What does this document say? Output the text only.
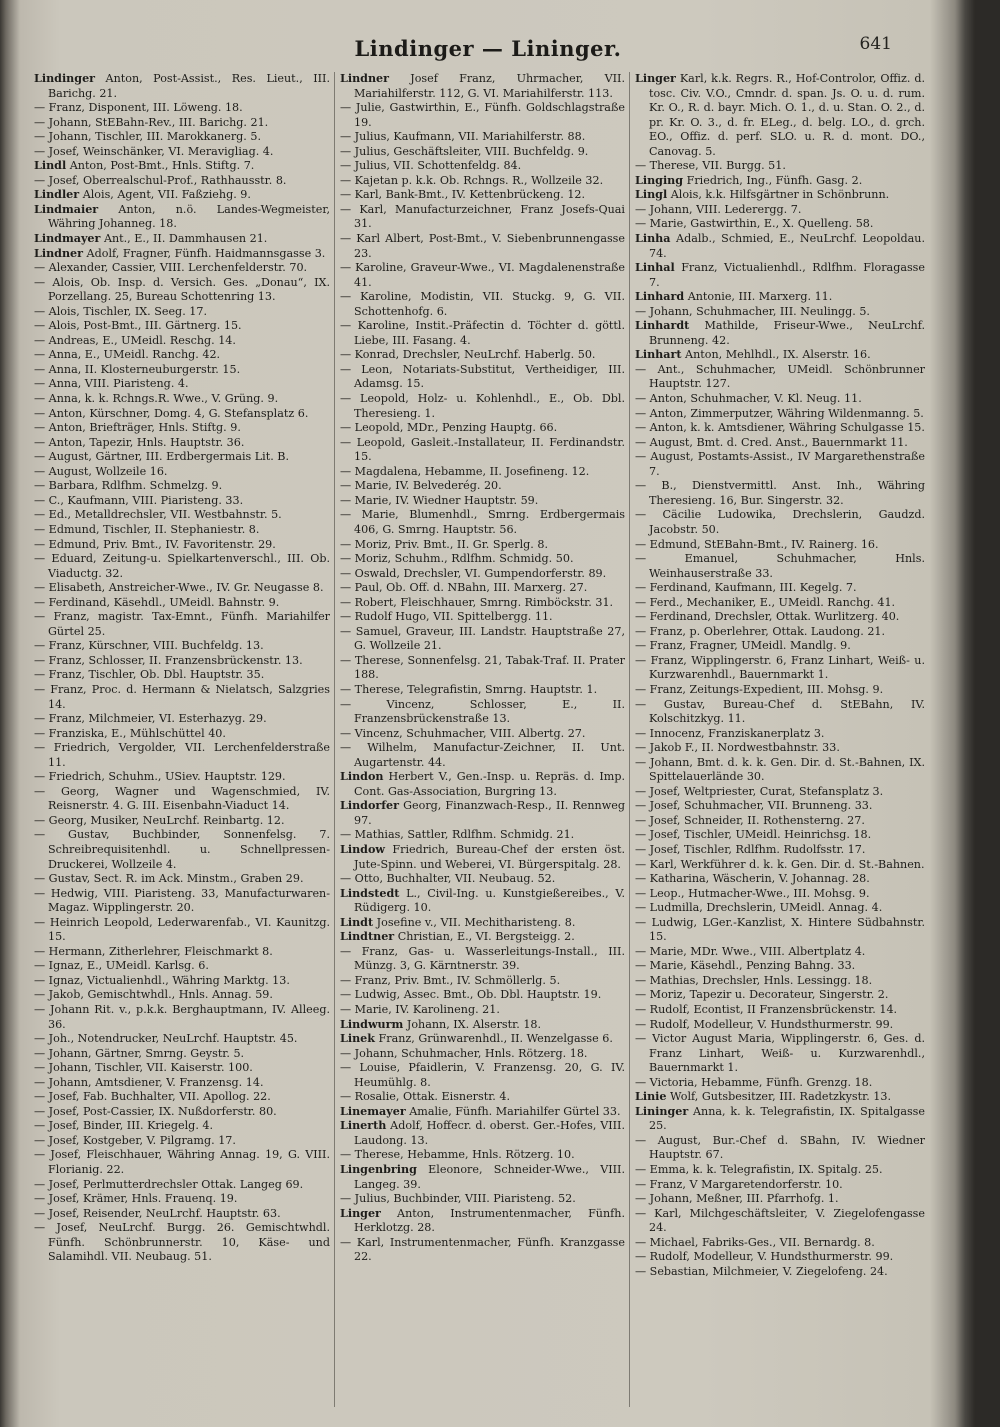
Lindinger — Lininger.	641

Lindinger Anton, Post-Assist., Res. Lieut., III. Barichg. 21.

— Franz, Disponent, III. Löweng. 18.

— Johann, StEBahn-Rev., III. Barichg. 21.

— Johann, Tischler, III. Marokkanerg. 5.

— Josef, Weinschänker, VI. Meravigliag. 4.

Lindl Anton, Post-Bmt., Hnls. Stiftg. 7.

— Josef, Oberrealschul-Prof., Rathhausstr. 8.

Lindler Alois, Agent, VII. Faßziehg. 9.

Lindmaier Anton, n.ö. Landes-Wegmeister, Währing Johanneg. 18.

Lindmayer Ant., E., II. Dammhausen 21.

Lindner Adolf, Fragner, Fünfh. Haidmannsgasse 3.

— Alexander, Cassier, VIII. Lerchenfelderstr. 70.

— Alois, Ob. Insp. d. Versich. Ges. „Donau“, IX. Porzellang. 25, Bureau Schottenring 13.

— Alois, Tischler, IX. Seeg. 17.

— Alois, Post-Bmt., III. Gärtnerg. 15.

— Andreas, E., UMeidl. Reschg. 14.

— Anna, E., UMeidl. Ranchg. 42.

— Anna, II. Klosterneuburgerstr. 15.

— Anna, VIII. Piaristeng. 4.

— Anna, k. k. Rchngs.R. Wwe., V. Grüng. 9.

— Anton, Kürschner, Domg. 4, G. Stefansplatz 6.

— Anton, Briefträger, Hnls. Stiftg. 9.

— Anton, Tapezir, Hnls. Hauptstr. 36.

— August, Gärtner, III. Erdbergermais Lit. B.

— August, Wollzeile 16.

— Barbara, Rdlfhm. Schmelzg. 9.

— C., Kaufmann, VIII. Piaristeng. 33.

— Ed., Metalldrechsler, VII. Westbahnstr. 5.

— Edmund, Tischler, II. Stephaniestr. 8.

— Edmund, Priv. Bmt., IV. Favoritenstr. 29.

— Eduard, Zeitung-u. Spielkartenverschl., III. Ob. Viaductg. 32.

— Elisabeth, Anstreicher-Wwe., IV. Gr. Neugasse 8.

— Ferdinand, Käsehdl., UMeidl. Bahnstr. 9.

— Franz, magistr. Tax-Emnt., Fünfh. Mariahilfer Gürtel 25.

— Franz, Kürschner, VIII. Buchfeldg. 13.

— Franz, Schlosser, II. Franzensbrückenstr. 13.

— Franz, Tischler, Ob. Dbl. Hauptstr. 35.

— Franz, Proc. d. Hermann & Nielatsch, Salzgries 14.

— Franz, Milchmeier, VI. Esterhazyg. 29.

— Franziska, E., Mühlschüttel 40.

— Friedrich, Vergolder, VII. Lerchenfelderstraße 11.

— Friedrich, Schuhm., USiev. Hauptstr. 129.

— Georg, Wagner und Wagenschmied, IV. Reisnerstr. 4. G. III. Eisenbahn-Viaduct 14.

— Georg, Musiker, NeuLrchf. Reinbartg. 12.

— Gustav, Buchbinder, Sonnenfelsg. 7. Schreibrequisitenhdl. u. Schnellpressen-Druckerei, Wollzeile 4.

— Gustav, Sect. R. im Ack. Minstm., Graben 29.

— Hedwig, VIII. Piaristeng. 33, Manufacturwaren-Magaz. Wipplingerstr. 20.

— Heinrich Leopold, Lederwarenfab., VI. Kaunitzg. 15.

— Hermann, Zitherlehrer, Fleischmarkt 8.

— Ignaz, E., UMeidl. Karlsg. 6.

— Ignaz, Victualienhdl., Währing Marktg. 13.

— Jakob, Gemischtwhdl., Hnls. Annag. 59.

— Johann Rit. v., p.k.k. Berghauptmann, IV. Alleeg. 36.

— Joh., Notendrucker, NeuLrchf. Hauptstr. 45.

— Johann, Gärtner, Smrng. Geystr. 5.

— Johann, Tischler, VII. Kaiserstr. 100.

— Johann, Amtsdiener, V. Franzensg. 14.

— Josef, Fab. Buchhalter, VII. Apollog. 22.

— Josef, Post-Cassier, IX. Nußdorferstr. 80.

— Josef, Binder, III. Kriegelg. 4.

— Josef, Kostgeber, V. Pilgramg. 17.

— Josef, Fleischhauer, Währing Annag. 19, G. VIII. Florianig. 22.

— Josef, Perlmutterdrechsler Ottak. Langeg 69.

— Josef, Krämer, Hnls. Frauenq. 19.

— Josef, Reisender, NeuLrchf. Hauptstr. 63.

— Josef, NeuLrchf. Burgg. 26. Gemischtwhdl. Fünfh. Schönbrunnerstr. 10, Käse- und Salamihdl. VII. Neubaug. 51.

Lindner Josef Franz, Uhrmacher, VII. Mariahilferstr. 112, G. VI. Mariahilferstr. 113.

— Julie, Gastwirthin, E., Fünfh. Goldschlagstraße 19.

— Julius, Kaufmann, VII. Mariahilferstr. 88.

— Julius, Geschäftsleiter, VIII. Buchfeldg. 9.

— Julius, VII. Schottenfeldg. 84.

— Kajetan p. k.k. Ob. Rchngs. R., Wollzeile 32.

— Karl, Bank-Bmt., IV. Kettenbrückeng. 12.

— Karl, Manufacturzeichner, Franz Josefs-Quai 31.

— Karl Albert, Post-Bmt., V. Siebenbrunnengasse 23.

— Karoline, Graveur-Wwe., VI. Magdalenenstraße 41.

— Karoline, Modistin, VII. Stuckg. 9, G. VII. Schottenhofg. 6.

— Karoline, Instit.-Präfectin d. Töchter d. göttl. Liebe, III. Fasang. 4.

— Konrad, Drechsler, NeuLrchf. Haberlg. 50.

— Leon, Notariats-Substitut, Vertheidiger, III. Adamsg. 15.

— Leopold, Holz- u. Kohlenhdl., E., Ob. Dbl. Theresieng. 1.

— Leopold, MDr., Penzing Hauptg. 66.

— Leopold, Gasleit.-Installateur, II. Ferdinandstr. 15.

— Magdalena, Hebamme, II. Josefineng. 12.

— Marie, IV. Belvederég. 20.

— Marie, IV. Wiedner Hauptstr. 59.

— Marie, Blumenhdl., Smrng. Erdbergermais 406, G. Smrng. Hauptstr. 56.

— Moriz, Priv. Bmt., II. Gr. Sperlg. 8.

— Moriz, Schuhm., Rdlfhm. Schmidg. 50.

— Oswald, Drechsler, VI. Gumpendorferstr. 89.

— Paul, Ob. Off. d. NBahn, III. Marxerg. 27.

— Robert, Fleischhauer, Smrng. Rimböckstr. 31.

— Rudolf Hugo, VII. Spittelbergg. 11.

— Samuel, Graveur, III. Landstr. Hauptstraße 27, G. Wollzeile 21.

— Therese, Sonnenfelsg. 21, Tabak-Traf. II. Prater 188.

— Therese, Telegrafistin, Smrng. Hauptstr. 1.

— Vincenz, Schlosser, E., II. Franzensbrückenstraße 13.

— Vincenz, Schuhmacher, VIII. Albertg. 27.

— Wilhelm, Manufactur-Zeichner, II. Unt. Augartenstr. 44.

Lindon Herbert V., Gen.-Insp. u. Repräs. d. Imp. Cont. Gas-Association, Burgring 13.

Lindorfer Georg, Finanzwach-Resp., II. Rennweg 97.

— Mathias, Sattler, Rdlfhm. Schmidg. 21.

Lindow Friedrich, Bureau-Chef der ersten öst. Jute-Spinn. und Weberei, VI. Bürgerspitalg. 28.

— Otto, Buchhalter, VII. Neubaug. 52.

Lindstedt L., Civil-Ing. u. Kunstgießereibes., V. Rüdigerg. 10.

Lindt Josefine v., VII. Mechitharisteng. 8.

Lindtner Christian, E., VI. Bergsteigg. 2.

— Franz, Gas- u. Wasserleitungs-Install., III. Münzg. 3, G. Kärntnerstr. 39.

— Franz, Priv. Bmt., IV. Schmöllerlg. 5.

— Ludwig, Assec. Bmt., Ob. Dbl. Hauptstr. 19.

— Marie, IV. Karolineng. 21.

Lindwurm Johann, IX. Alserstr. 18.

Linek Franz, Grünwarenhdl., II. Wenzelgasse 6.

— Johann, Schuhmacher, Hnls. Rötzerg. 18.

— Louise, Pfaidlerin, V. Franzensg. 20, G. IV. Heumühlg. 8.

— Rosalie, Ottak. Eisnerstr. 4.

Linemayer Amalie, Fünfh. Mariahilfer Gürtel 33.

Linerth Adolf, Hoffecr. d. oberst. Ger.-Hofes, VIII. Laudong. 13.

— Therese, Hebamme, Hnls. Rötzerg. 10.

Lingenbring Eleonore, Schneider-Wwe., VIII. Langeg. 39.

— Julius, Buchbinder, VIII. Piaristeng. 52.

Linger Anton, Instrumentenmacher, Fünfh. Herklotzg. 28.

— Karl, Instrumentenmacher, Fünfh. Kranzgasse 22.

Linger Karl, k.k. Regrs. R., Hof-Controlor, Offiz. d. tosc. Civ. V.O., Cmndr. d. span. Js. O. u. d. rum. Kr. O., R. d. bayr. Mich. O. 1., d. u. Stan. O. 2., d. pr. Kr. O. 3., d. fr. ELeg., d. belg. LO., d. grch. EO., Offiz. d. perf. SLO. u. R. d. mont. DO., Canovag. 5.

— Therese, VII. Burgg. 51.

Linging Friedrich, Ing., Fünfh. Gasg. 2.

Lingl Alois, k.k. Hilfsgärtner in Schönbrunn.

— Johann, VIII. Lederergg. 7.

— Marie, Gastwirthin, E., X. Quelleng. 58.

Linha Adalb., Schmied, E., NeuLrchf. Leopoldau. 74.

Linhal Franz, Victualienhdl., Rdlfhm. Floragasse 7.

Linhard Antonie, III. Marxerg. 11.

— Johann, Schuhmacher, III. Neulingg. 5.

Linhardt Mathilde, Friseur-Wwe., NeuLrchf. Brunneng. 42.

Linhart Anton, Mehlhdl., IX. Alserstr. 16.

— Ant., Schuhmacher, UMeidl. Schönbrunner Hauptstr. 127.

— Anton, Schuhmacher, V. Kl. Neug. 11.

— Anton, Zimmerputzer, Währing Wildenmanng. 5.

— Anton, k. k. Amtsdiener, Währing Schulgasse 15.

— August, Bmt. d. Cred. Anst., Bauernmarkt 11.

— August, Postamts-Assist., IV Margarethenstraße 7.

— B., Dienstvermittl. Anst. Inh., Währing Theresieng. 16, Bur. Singerstr. 32.

— Cäcilie Ludowika, Drechslerin, Gaudzd. Jacobstr. 50.

— Edmund, StEBahn-Bmt., IV. Rainerg. 16.

— Emanuel, Schuhmacher, Hnls. Weinhauserstraße 33.

— Ferdinand, Kaufmann, III. Kegelg. 7.

— Ferd., Mechaniker, E., UMeidl. Ranchg. 41.

— Ferdinand, Drechsler, Ottak. Wurlitzerg. 40.

— Franz, p. Oberlehrer, Ottak. Laudong. 21.

— Franz, Fragner, UMeidl. Mandlg. 9.

— Franz, Wipplingerstr. 6, Franz Linhart, Weiß- u. Kurzwarenhdl., Bauernmarkt 1.

— Franz, Zeitungs-Expedient, III. Mohsg. 9.

— Gustav, Bureau-Chef d. StEBahn, IV. Kolschitzkyg. 11.

— Innocenz, Franziskanerplatz 3.

— Jakob F., II. Nordwestbahnstr. 33.

— Johann, Bmt. d. k. k. Gen. Dir. d. St.-Bahnen, IX. Spittelauerlände 30.

— Josef, Weltpriester, Curat, Stefansplatz 3.

— Josef, Schuhmacher, VII. Brunneng. 33.

— Josef, Schneider, II. Rothensterng. 27.

— Josef, Tischler, UMeidl. Heinrichsg. 18.

— Josef, Tischler, Rdlfhm. Rudolfsstr. 17.

— Karl, Werkführer d. k. k. Gen. Dir. d. St.-Bahnen.

— Katharina, Wäscherin, V. Johannag. 28.

— Leop., Hutmacher-Wwe., III. Mohsg. 9.

— Ludmilla, Drechslerin, UMeidl. Annag. 4.

— Ludwig, LGer.-Kanzlist, X. Hintere Südbahnstr. 15.

— Marie, MDr. Wwe., VIII. Albertplatz 4.

— Marie, Käsehdl., Penzing Bahng. 33.

— Mathias, Drechsler, Hnls. Lessingg. 18.

— Moriz, Tapezir u. Decorateur, Singerstr. 2.

— Rudolf, Econtist, II Franzensbrückenstr. 14.

— Rudolf, Modelleur, V. Hundsthurmerstr. 99.

— Victor August Maria, Wipplingerstr. 6, Ges. d. Franz Linhart, Weiß- u. Kurzwarenhdl., Bauernmarkt 1.

— Victoria, Hebamme, Fünfh. Grenzg. 18.

Linie Wolf, Gutsbesitzer, III. Radetzkystr. 13.

Lininger Anna, k. k. Telegrafistin, IX. Spitalgasse 25.

— August, Bur.-Chef d. SBahn, IV. Wiedner Hauptstr. 67.

— Emma, k. k. Telegrafistin, IX. Spitalg. 25.

— Franz, V Margaretendorferstr. 10.

— Johann, Meßner, III. Pfarrhofg. 1.

— Karl, Milchgeschäftsleiter, V. Ziegelofengasse 24.

— Michael, Fabriks-Ges., VII. Bernardg. 8.

— Rudolf, Modelleur, V. Hundsthurmerstr. 99.

— Sebastian, Milchmeier, V. Ziegelofeng. 24.
